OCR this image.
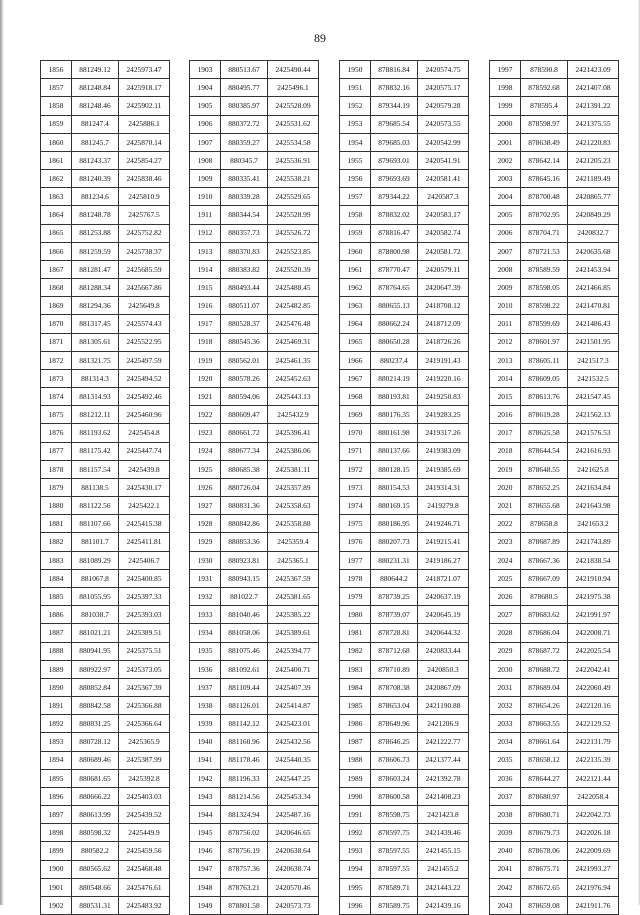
89
1856	881249.12	2425973.47
1857	881248.84	2425918.17
1858	881248.46	2425902.11
1859	881247.4	2425886.1
1860	881245.7	2425870.14
1861	881243.37	2425854.27
1862	881240.39	2425838.46
1863	881234.6	2425810.9
1864	881248.78	2425767.5
1865	881253.88	2425752.82
1866	881259.59	2425738.37
1867	881281.47	2425685.59
1868	881288.34	2425667.86
1869	881294.36	2425649.8
1870	881317.45	2425574.43
1871	881305.61	2425522.95
1872	881321.75	2425497.59
1873	881314.3	2425494.52
1874	881314.93	2425492.46
1875	881212.11	2425460.96
1876	881193.62	2425454.8
1877	881175.42	2425447.74
1878	881157.54	2425439.8
1879	881138.5	2425430.17
1880	881122.56	2425422.1
1881	881107.66	2425415.38
1882	881101.7	2425411.81
1883	881089.29	2425406.7
1884	881067.8	2425400.85
1885	881055.95	2425397.33
1886	881038.7	2425393.03
1887	881021.21	2425389.51
1888	880941.95	2425375.51
1889	880922.97	2425373.05
1890	880852.84	2425367.39
1891	880842.58	2425366.88
1892	880831.25	2425366.64
1893	880728.12	2425365.9
1894	880689.46	2425387.99
1895	880681.65	2425392.8
1896	880666.22	2425403.03
1897	880613.99	2425439.52
1898	880598.32	2425449.9
1899	880582.2	2425459.56
1900	880565.62	2425468.48
1901	880548.66	2425476.61
1902	880531.31	2425483.92
1903	880513.67	2425490.44
1904	880495.77	2425496.1
1905	880385.97	2425528.09
1906	880372.72	2425531.62
1907	880359.27	2425534.58
1908	880345.7	2425536.91
1909	880335.41	2425538.21
1910	880339.28	2425529.65
1911	880344.54	2425528.99
1912	880357.73	2425526.72
1913	880370.83	2425523.85
1914	880383.82	2425520.39
1915	880493.44	2425488.45
1916	880511.07	2425482.85
1917	880528.37	2425476.48
1918	880545.36	2425469.31
1919	880562.01	2425461.35
1920	880578.26	2425452.63
1921	880594.06	2425443.13
1922	880609.47	2425432.9
1923	880661.72	2425396.41
1924	880677.34	2425386.06
1925	880685.38	2425381.11
1926	880726.04	2425357.89
1927	880831.36	2425358.63
1928	880842.86	2425358.88
1929	880853.36	2425359.4
1930	880923.81	2425365.1
1931	880943.15	2425367.59
1932	881022.7	2425381.65
1933	881040.46	2425385.22
1934	881058.06	2425389.61
1935	881075.46	2425394.77
1936	881092.61	2425400.71
1937	881109.44	2425407.39
1938	881126.01	2425414.87
1939	881142.12	2425423.01
1940	881160.96	2425432.56
1941	881178.46	2425440.35
1942	881196.33	2425447.25
1943	881214.56	2425453.34
1944	881324.94	2425487.16
1945	878756.02	2420646.65
1946	878756.19	2420638.64
1947	878757.36	2420638.74
1948	878763.21	2420570.46
1949	878801.58	2420573.73
1950	878816.84	2420574.75
1951	878832.16	2420575.17
1952	879344.19	2420579.28
1953	879685.54	2420573.55
1954	879685.03	2420542.99
1955	879693.01	2420541.91
1956	879693.69	2420581.41
1957	879344.22	2420587.3
1958	878832.02	2420583.17
1959	878816.47	2420582.74
1960	878800.98	2420581.72
1961	878770.47	2420579.11
1962	878764.65	2420647.39
1963	880655.13	2418708.12
1964	880662.24	2418712.09
1965	880650.28	2418726.26
1966	880237.4	2419191.43
1967	880214.19	2419220.16
1968	880193.81	2419250.83
1969	880176.35	2419283.25
1970	880161.98	2419317.26
1971	880137.66	2419383.09
1972	880128.15	2419385.69
1973	880154.53	2419314.31
1974	880169.15	2419279.8
1975	880186.95	2419246.71
1976	880207.73	2419215.41
1977	880231.31	2419186.27
1978	880644.2	2418721.07
1979	878739.25	2420637.19
1980	878739.07	2420645.19
1981	878728.81	2420644.32
1982	878712.68	2420833.44
1983	878710.89	2420850.3
1984	878708.38	2420867.09
1985	878653.04	2421190.88
1986	878649.96	2421206.9
1987	878646.25	2421222.77
1988	878606.73	2421377.44
1989	878603.24	2421392.78
1990	878600.58	2421408.23
1991	878598.75	2421423.8
1992	878597.75	2421439.46
1993	878597.55	2421455.15
1994	878597.55	2421455.2
1995	878589.71	2421443.22
1996	878589.75	2421439.16
1997	878590.8	2421423.09
1998	878592.68	2421407.08
1999	878595.4	2421391.22
2000	878598.97	2421375.55
2001	878638.49	2421220.83
2002	878642.14	2421205.23
2003	878645.16	2421189.49
2004	878700.48	2420865.77
2005	878702.95	2420849.29
2006	878704.71	2420832.7
2007	878721.53	2420635.68
2008	878589.59	2421453.94
2009	878598.05	2421466.85
2010	878598.22	2421470.81
2011	878599.69	2421486.43
2012	878601.97	2421501.95
2013	878605.11	2421517.3
2014	878609.05	2421532.5
2015	878613.76	2421547.45
2016	878619.28	2421562.13
2017	878625.58	2421576.53
2018	878644.54	2421616.93
2019	878648.55	2421625.8
2020	878652.25	2421634.84
2021	878655.68	2421643.98
2022	878658.8	2421653.2
2023	878687.89	2421743.89
2024	878667.36	2421838.54
2025	878667.09	2421910.94
2026	878680.5	2421975.38
2027	878683.62	2421991.97
2028	878686.04	2422008.71
2029	878687.72	2422025.54
2030	878688.72	2422042.41
2031	878689.04	2422060.49
2032	878654.26	2422120.16
2033	878663.55	2422129.52
2034	878661.64	2422131.79
2035	878658.12	2422135.39
2036	878644.27	2422121.44
2037	878680.97	2422058.4
2038	878680.71	2422042.73
2039	878679.73	2422026.18
2040	878678.06	2422009.69
2041	878675.71	2421993.27
2042	878672.65	2421976.94
2043	878659.08	2421911.76
